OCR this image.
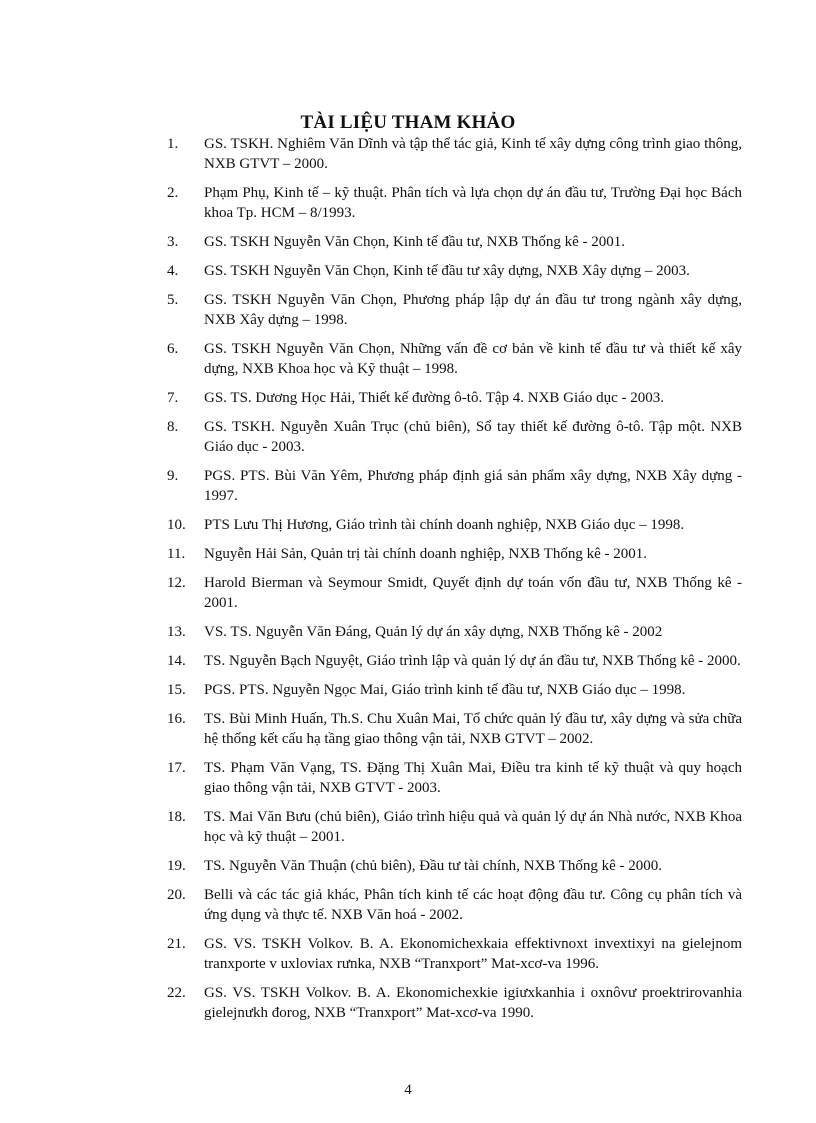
TÀI LIỆU THAM KHẢO
1.	GS. TSKH. Nghiêm Văn Dĩnh và tập thể tác giả, Kinh tế xây dựng công trình giao thông, NXB GTVT – 2000.
2.	Phạm Phụ, Kinh tế – kỹ thuật. Phân tích và lựa chọn dự án đầu tư, Trường Đại học Bách khoa Tp. HCM – 8/1993.
3.	GS. TSKH Nguyễn Văn Chọn, Kinh tế đầu tư, NXB Thống kê - 2001.
4.	GS. TSKH Nguyễn Văn Chọn, Kinh tế đầu tư xây dựng, NXB Xây dựng – 2003.
5.	GS. TSKH Nguyễn Văn Chọn, Phương pháp lập dự án đầu tư trong ngành xây dựng, NXB Xây dựng – 1998.
6.	GS. TSKH Nguyễn Văn Chọn, Những vấn đề cơ bản về kinh tế đầu tư và thiết kế xây dựng, NXB Khoa học và Kỹ thuật – 1998.
7.	GS. TS. Dương Học Hải, Thiết kế đường ô-tô. Tập 4. NXB Giáo dục - 2003.
8.	GS. TSKH. Nguyễn Xuân Trục (chủ biên), Sổ tay thiết kế đường ô-tô. Tập một. NXB Giáo dục - 2003.
9.	PGS. PTS. Bùi Văn Yêm, Phương pháp định giá sản phẩm xây dựng, NXB Xây dựng - 1997.
10.	PTS Lưu Thị Hương, Giáo trình tài chính doanh nghiệp, NXB Giáo dục – 1998.
11.	Nguyễn Hải Sản, Quản trị tài chính doanh nghiệp, NXB Thống kê - 2001.
12.	Harold Bierman và Seymour Smidt, Quyết định dự toán vốn đầu tư, NXB Thống kê - 2001.
13.	VS. TS. Nguyễn Văn Đáng, Quản lý dự án xây dựng, NXB Thống kê - 2002
14.	TS. Nguyễn Bạch Nguyệt, Giáo trình lập và quản lý dự án đầu tư, NXB Thống kê - 2000.
15.	PGS. PTS. Nguyễn Ngọc Mai, Giáo trình kinh tế đầu tư, NXB Giáo dục – 1998.
16.	TS. Bùi Minh Huấn, Th.S. Chu Xuân Mai, Tổ chức quản lý đầu tư, xây dựng và sửa chữa hệ thống kết cấu hạ tầng giao thông vận tải, NXB GTVT – 2002.
17.	TS. Phạm Văn Vạng, TS. Đặng Thị Xuân Mai, Điều tra kinh tế kỹ thuật và quy hoạch giao thông vận tải, NXB GTVT - 2003.
18.	TS. Mai Văn Bưu (chủ biên), Giáo trình hiệu quả và quản lý dự án Nhà nước, NXB Khoa học và kỹ thuật – 2001.
19.	TS. Nguyễn Văn Thuận (chủ biên), Đầu tư tài chính, NXB Thống kê - 2000.
20.	Belli và các tác giả khác, Phân tích kinh tế các hoạt động đầu tư. Công cụ phân tích và ứng dụng và thực tế. NXB Văn hoá - 2002.
21.	GS. VS. TSKH Volkov. B. A. Ekonomichexkaia effektivnoxt invextixyi na gielejnom tranxporte v uxloviax rưnka, NXB “Tranxport” Mat-xcơ-va 1996.
22.	GS. VS. TSKH Volkov. B. A. Ekonomichexkie igiưxkanhia i oxnôvư proektrirovanhia gielejnưkh đorog, NXB “Tranxport” Mat-xcơ-va 1990.
4
